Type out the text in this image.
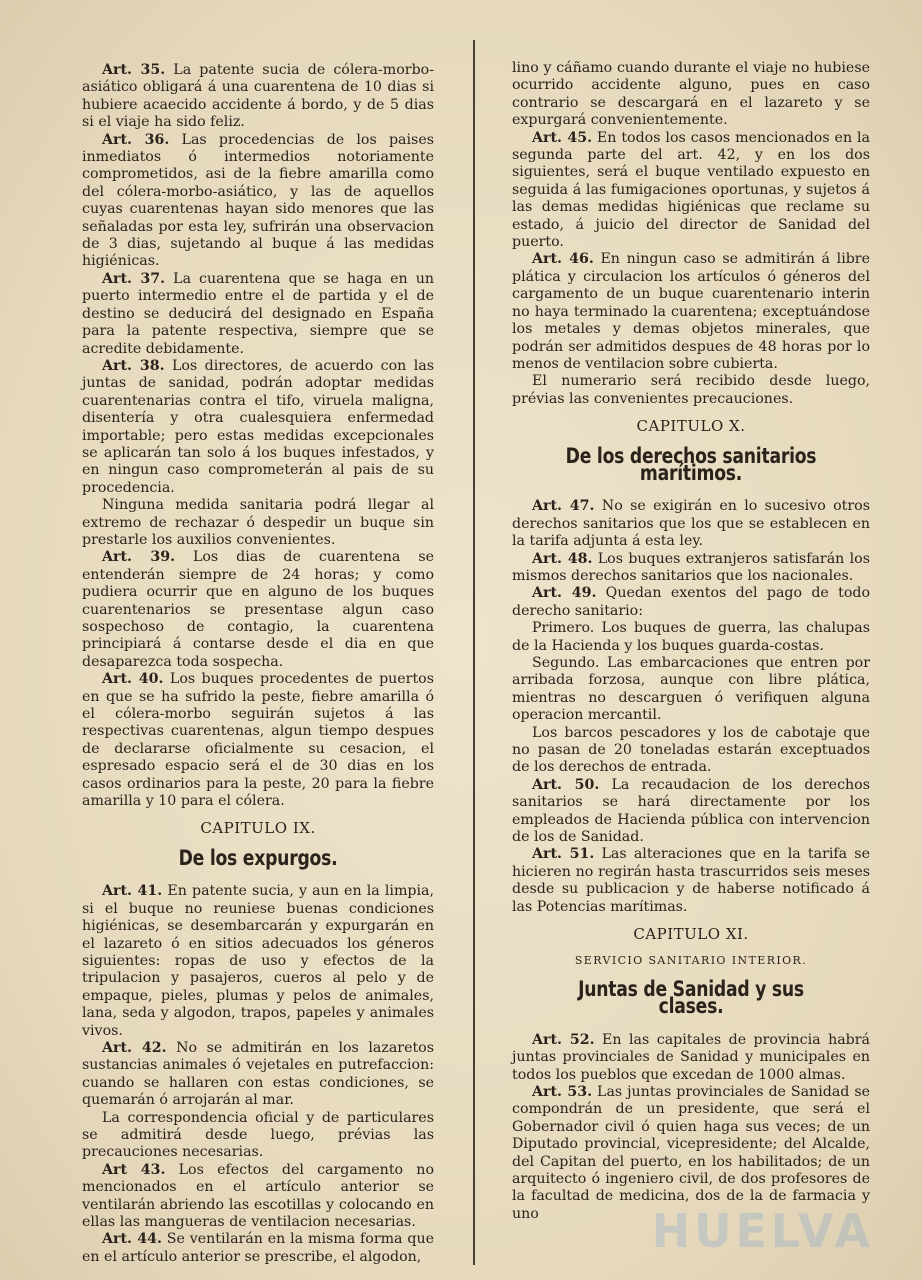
Art. 35. La patente sucia de cólera-morbo-asiático obligará á una cuarentena de 10 dias si hubiere acaecido accidente á bordo, y de 5 dias si el viaje ha sido feliz.

Art. 36. Las procedencias de los paises inmediatos ó intermedios notoriamente comprometidos, asi de la fiebre amarilla como del cólera-morbo-asiático, y las de aquellos cuyas cuarentenas hayan sido menores que las señaladas por esta ley, sufrirán una observacion de 3 dias, sujetando al buque á las medidas higiénicas.

Art. 37. La cuarentena que se haga en un puerto intermedio entre el de partida y el de destino se deducirá del designado en España para la patente respectiva, siempre que se acredite debidamente.

Art. 38. Los directores, de acuerdo con las juntas de sanidad, podrán adoptar medidas cuarentenarias contra el tifo, viruela maligna, disentería y otra cualesquiera enfermedad importable; pero estas medidas excepcionales se aplicarán tan solo á los buques infestados, y en ningun caso comprometerán al pais de su procedencia.

Ninguna medida sanitaria podrá llegar al extremo de rechazar ó despedir un buque sin prestarle los auxilios convenientes.

Art. 39. Los dias de cuarentena se entenderán siempre de 24 horas; y como pudiera ocurrir que en alguno de los buques cuarentenarios se presentase algun caso sospechoso de contagio, la cuarentena principiará á contarse desde el dia en que desaparezca toda sospecha.

Art. 40. Los buques procedentes de puertos en que se ha sufrido la peste, fiebre amarilla ó el cólera-morbo seguirán sujetos á las respectivas cuarentenas, algun tiempo despues de declararse oficialmente su cesacion, el espresado espacio será el de 30 dias en los casos ordinarios para la peste, 20 para la fiebre amarilla y 10 para el cólera.

CAPITULO IX.
De los expurgos.

Art. 41. En patente sucia, y aun en la limpia, si el buque no reuniese buenas condiciones higiénicas, se desembarcarán y expurgarán en el lazareto ó en sitios adecuados los géneros siguientes: ropas de uso y efectos de la tripulacion y pasajeros, cueros al pelo y de empaque, pieles, plumas y pelos de animales, lana, seda y algodon, trapos, papeles y animales vivos.

Art. 42. No se admitirán en los lazaretos sustancias animales ó vejetales en putrefaccion: cuando se hallaren con estas condiciones, se quemarán ó arrojarán al mar.

La correspondencia oficial y de particulares se admitirá desde luego, prévias las precauciones necesarias.

Art 43. Los efectos del cargamento no mencionados en el artículo anterior se ventilarán abriendo las escotillas y colocando en ellas las mangueras de ventilacion necesarias.

Art. 44. Se ventilarán en la misma forma que en el artículo anterior se prescribe, el algodon,

lino y cáñamo cuando durante el viaje no hubiese ocurrido accidente alguno, pues en caso contrario se descargará en el lazareto y se expurgará convenientemente.

Art. 45. En todos los casos mencionados en la segunda parte del art. 42, y en los dos siguientes, será el buque ventilado expuesto en seguida á las fumigaciones oportunas, y sujetos á las demas medidas higiénicas que reclame su estado, á juicio del director de Sanidad del puerto.

Art. 46. En ningun caso se admitirán á libre plática y circulacion los artículos ó géneros del cargamento de un buque cuarentenario interin no haya terminado la cuarentena; exceptuándose los metales y demas objetos minerales, que podrán ser admitidos despues de 48 horas por lo menos de ventilacion sobre cubierta.

El numerario será recibido desde luego, prévias las convenientes precauciones.

CAPITULO X.
De los derechos sanitarios marítimos.

Art. 47. No se exigirán en lo sucesivo otros derechos sanitarios que los que se establecen en la tarifa adjunta á esta ley.

Art. 48. Los buques extranjeros satisfarán los mismos derechos sanitarios que los nacionales.

Art. 49. Quedan exentos del pago de todo derecho sanitario:

Primero. Los buques de guerra, las chalupas de la Hacienda y los buques guarda-costas.

Segundo. Las embarcaciones que entren por arribada forzosa, aunque con libre plática, mientras no descarguen ó verifiquen alguna operacion mercantil.

Los barcos pescadores y los de cabotaje que no pasan de 20 toneladas estarán exceptuados de los derechos de entrada.

Art. 50. La recaudacion de los derechos sanitarios se hará directamente por los empleados de Hacienda pública con intervencion de los de Sanidad.

Art. 51. Las alteraciones que en la tarifa se hicieren no regirán hasta trascurridos seis meses desde su publicacion y de haberse notificado á las Potencias marítimas.

CAPITULO XI.
SERVICIO SANITARIO INTERIOR.
Juntas de Sanidad y sus clases.

Art. 52. En las capitales de provincia habrá juntas provinciales de Sanidad y municipales en todos los pueblos que excedan de 1000 almas.

Art. 53. Las juntas provinciales de Sanidad se compondrán de un presidente, que será el Gobernador civil ó quien haga sus veces; de un Diputado provincial, vicepresidente; del Alcalde, del Capitan del puerto, en los habilitados; de un arquitecto ó ingeniero civil, de dos profesores de la facultad de medicina, dos de la de farmacia y uno	HUELVA
